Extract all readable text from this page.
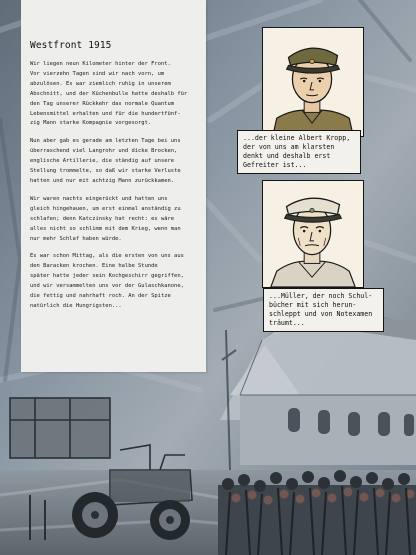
Westfront 1915

Wir liegen neun Kilometer hinter der Front.
Vor vierzehn Tagen sind wir nach vorn, um
abzulösen. Es war ziemlich ruhig in unserem
Abschnitt, und der Küchenbulle hatte deshalb für
den Tag unserer Rückkehr das normale Quantum
Lebensmittel erhalten und für die hundertfünf-
zig Mann starke Kompagnie vorgesorgt.

Nun aber gab es gerade am letzten Tage bei uns
überraschend viel Langrohr und dicke Brocken,
englische Artillerie, die ständig auf unsere
Stellung trommelte, so daß wir starke Verluste
hatten und nur mit achtzig Mann zurückkamen.

Wir waren nachts eingerückt und hatten uns
gleich hingehauen, um erst einmal anständig zu
schlafen; denn Katczinsky hat recht: es wäre
alles nicht so schlimm mit dem Krieg, wenn man
nur mehr Schlaf haben würde.

Es war schon Mittag, als die ersten von uns aus
den Baracken krochen. Eine halbe Stunde
später hatte jeder sein Kochgeschirr gegriffen,
und wir versammelten uns vor der Gulaschkanone,
die fettig und nahrhaft roch. An der Spitze
natürlich die Hungrigsten...

...der kleine Albert Kropp,
der von uns am klarsten
denkt und deshalb erst
Gefreiter ist...
...Müller, der noch Schul-
bücher mit sich herun-
schleppt und von Notexamen
träumt...
